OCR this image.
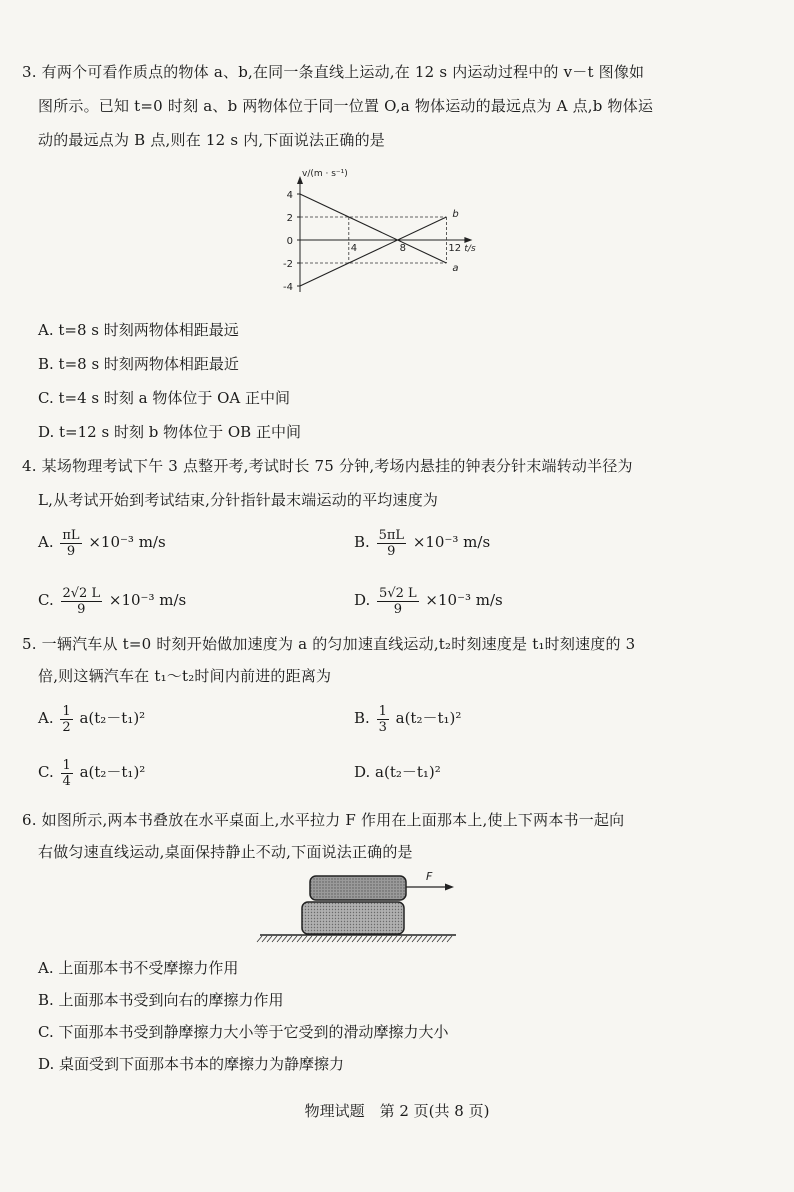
3. 有两个可看作质点的物体 a、b,在同一条直线上运动,在 12 s 内运动过程中的 v－t 图像如
图所示。已知 t=0 时刻 a、b 两物体位于同一位置 O,a 物体运动的最远点为 A 点,b 物体运
动的最远点为 B 点,则在 12 s 内,下面说法正确的是
a
b
4
2
0
-2
-4
4	8	12
v/(m · s⁻¹)
t/s
A. t=8 s 时刻两物体相距最远
B. t=8 s 时刻两物体相距最近
C. t=4 s 时刻 a 物体位于 OA 正中间
D. t=12 s 时刻 b 物体位于 OB 正中间
4. 某场物理考试下午 3 点整开考,考试时长 75 分钟,考场内悬挂的钟表分针末端转动半径为
L,从考试开始到考试结束,分针指针最末端运动的平均速度为
A. $\frac{\pi L}{9} \times 10^{-3}$ m/s	B. $\frac{5\pi L}{9} \times 10^{-3}$ m/s
C. $\frac{2√2 L}{9} \times 10^{-3}$ m/s	D. $\frac{5√2 L}{9} \times 10^{-3}$ m/s
5. 一辆汽车从 t=0 时刻开始做加速度为 a 的匀加速直线运动,t₂时刻速度是 t₁时刻速度的 3
倍,则这辆汽车在 t₁～t₂时间内前进的距离为
A. $\frac{1}{2} a(t_2-t_1)^2$	B. $\frac{1}{3} a(t_2-t_1)^2$
C. $\frac{1}{4} a(t_2-t_1)^2$	D. a(t₂－t₁)²
6. 如图所示,两本书叠放在水平桌面上,水平拉力 F 作用在上面那本上,使上下两本书一起向
右做匀速直线运动,桌面保持静止不动,下面说法正确的是
F
A. 上面那本书不受摩擦力作用
B. 上面那本书受到向右的摩擦力作用
C. 下面那本书受到静摩擦力大小等于它受到的滑动摩擦力大小
D. 桌面受到下面那本书本的摩擦力为静摩擦力
物理试题　第 2 页(共 8 页)
